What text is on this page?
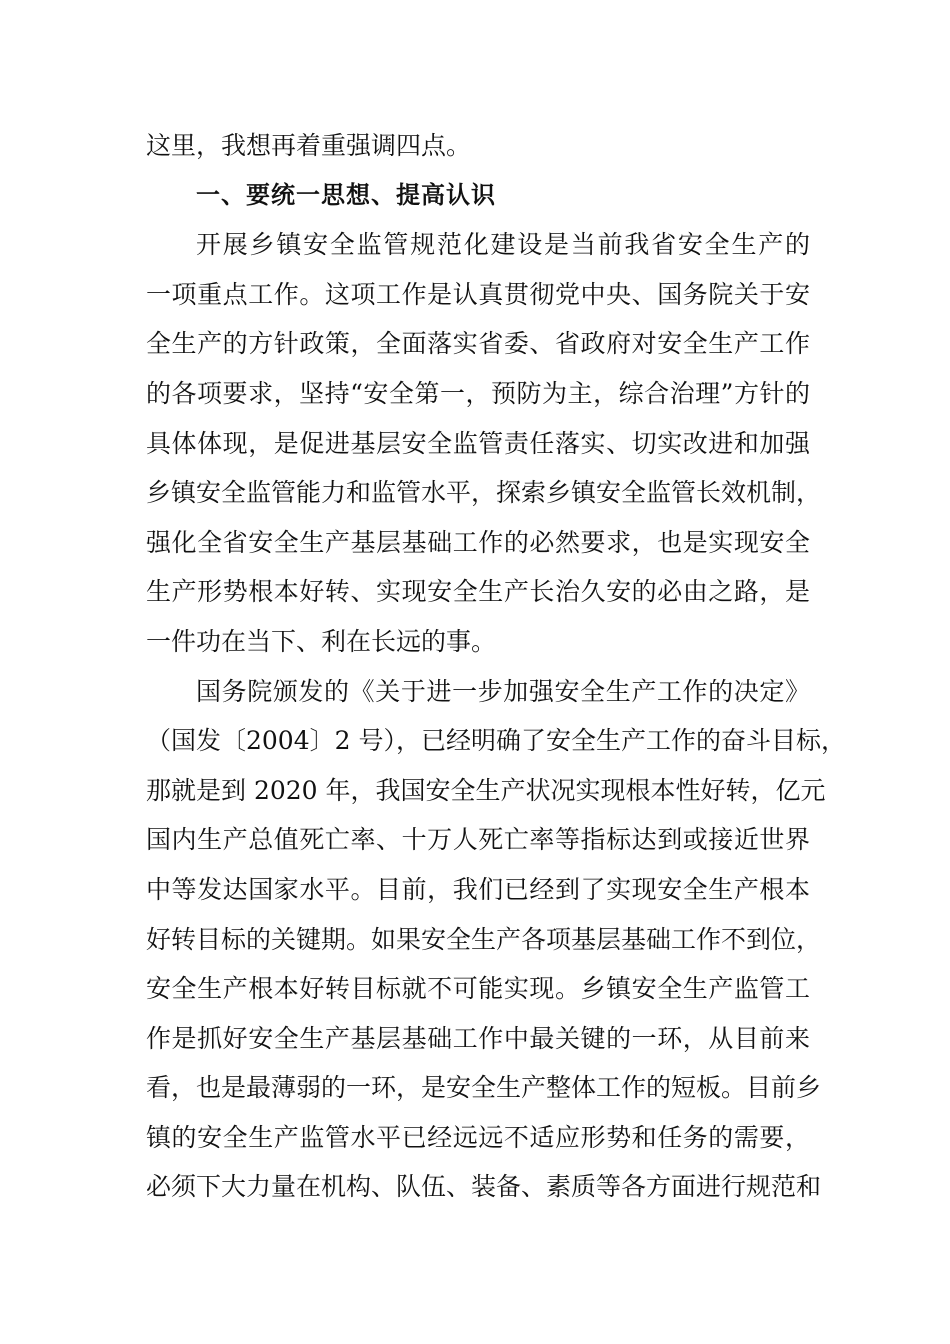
这里，我想再着重强调四点。
一、要统一思想、提高认识
开展乡镇安全监管规范化建设是当前我省安全生产的
一项重点工作。这项工作是认真贯彻党中央、国务院关于安
全生产的方针政策，全面落实省委、省政府对安全生产工作
的各项要求，坚持“安全第一，预防为主，综合治理”方针的
具体体现，是促进基层安全监管责任落实、切实改进和加强
乡镇安全监管能力和监管水平，探索乡镇安全监管长效机制，
强化全省安全生产基层基础工作的必然要求，也是实现安全
生产形势根本好转、实现安全生产长治久安的必由之路，是
一件功在当下、利在长远的事。
国务院颁发的《关于进一步加强安全生产工作的决定》
（国发〔2004〕2 号），已经明确了安全生产工作的奋斗目标，
那就是到 2020 年，我国安全生产状况实现根本性好转，亿元
国内生产总值死亡率、十万人死亡率等指标达到或接近世界
中等发达国家水平。目前，我们已经到了实现安全生产根本
好转目标的关键期。如果安全生产各项基层基础工作不到位，
安全生产根本好转目标就不可能实现。乡镇安全生产监管工
作是抓好安全生产基层基础工作中最关键的一环，从目前来
看，也是最薄弱的一环，是安全生产整体工作的短板。目前乡
镇的安全生产监管水平已经远远不适应形势和任务的需要，
必须下大力量在机构、队伍、装备、素质等各方面进行规范和
